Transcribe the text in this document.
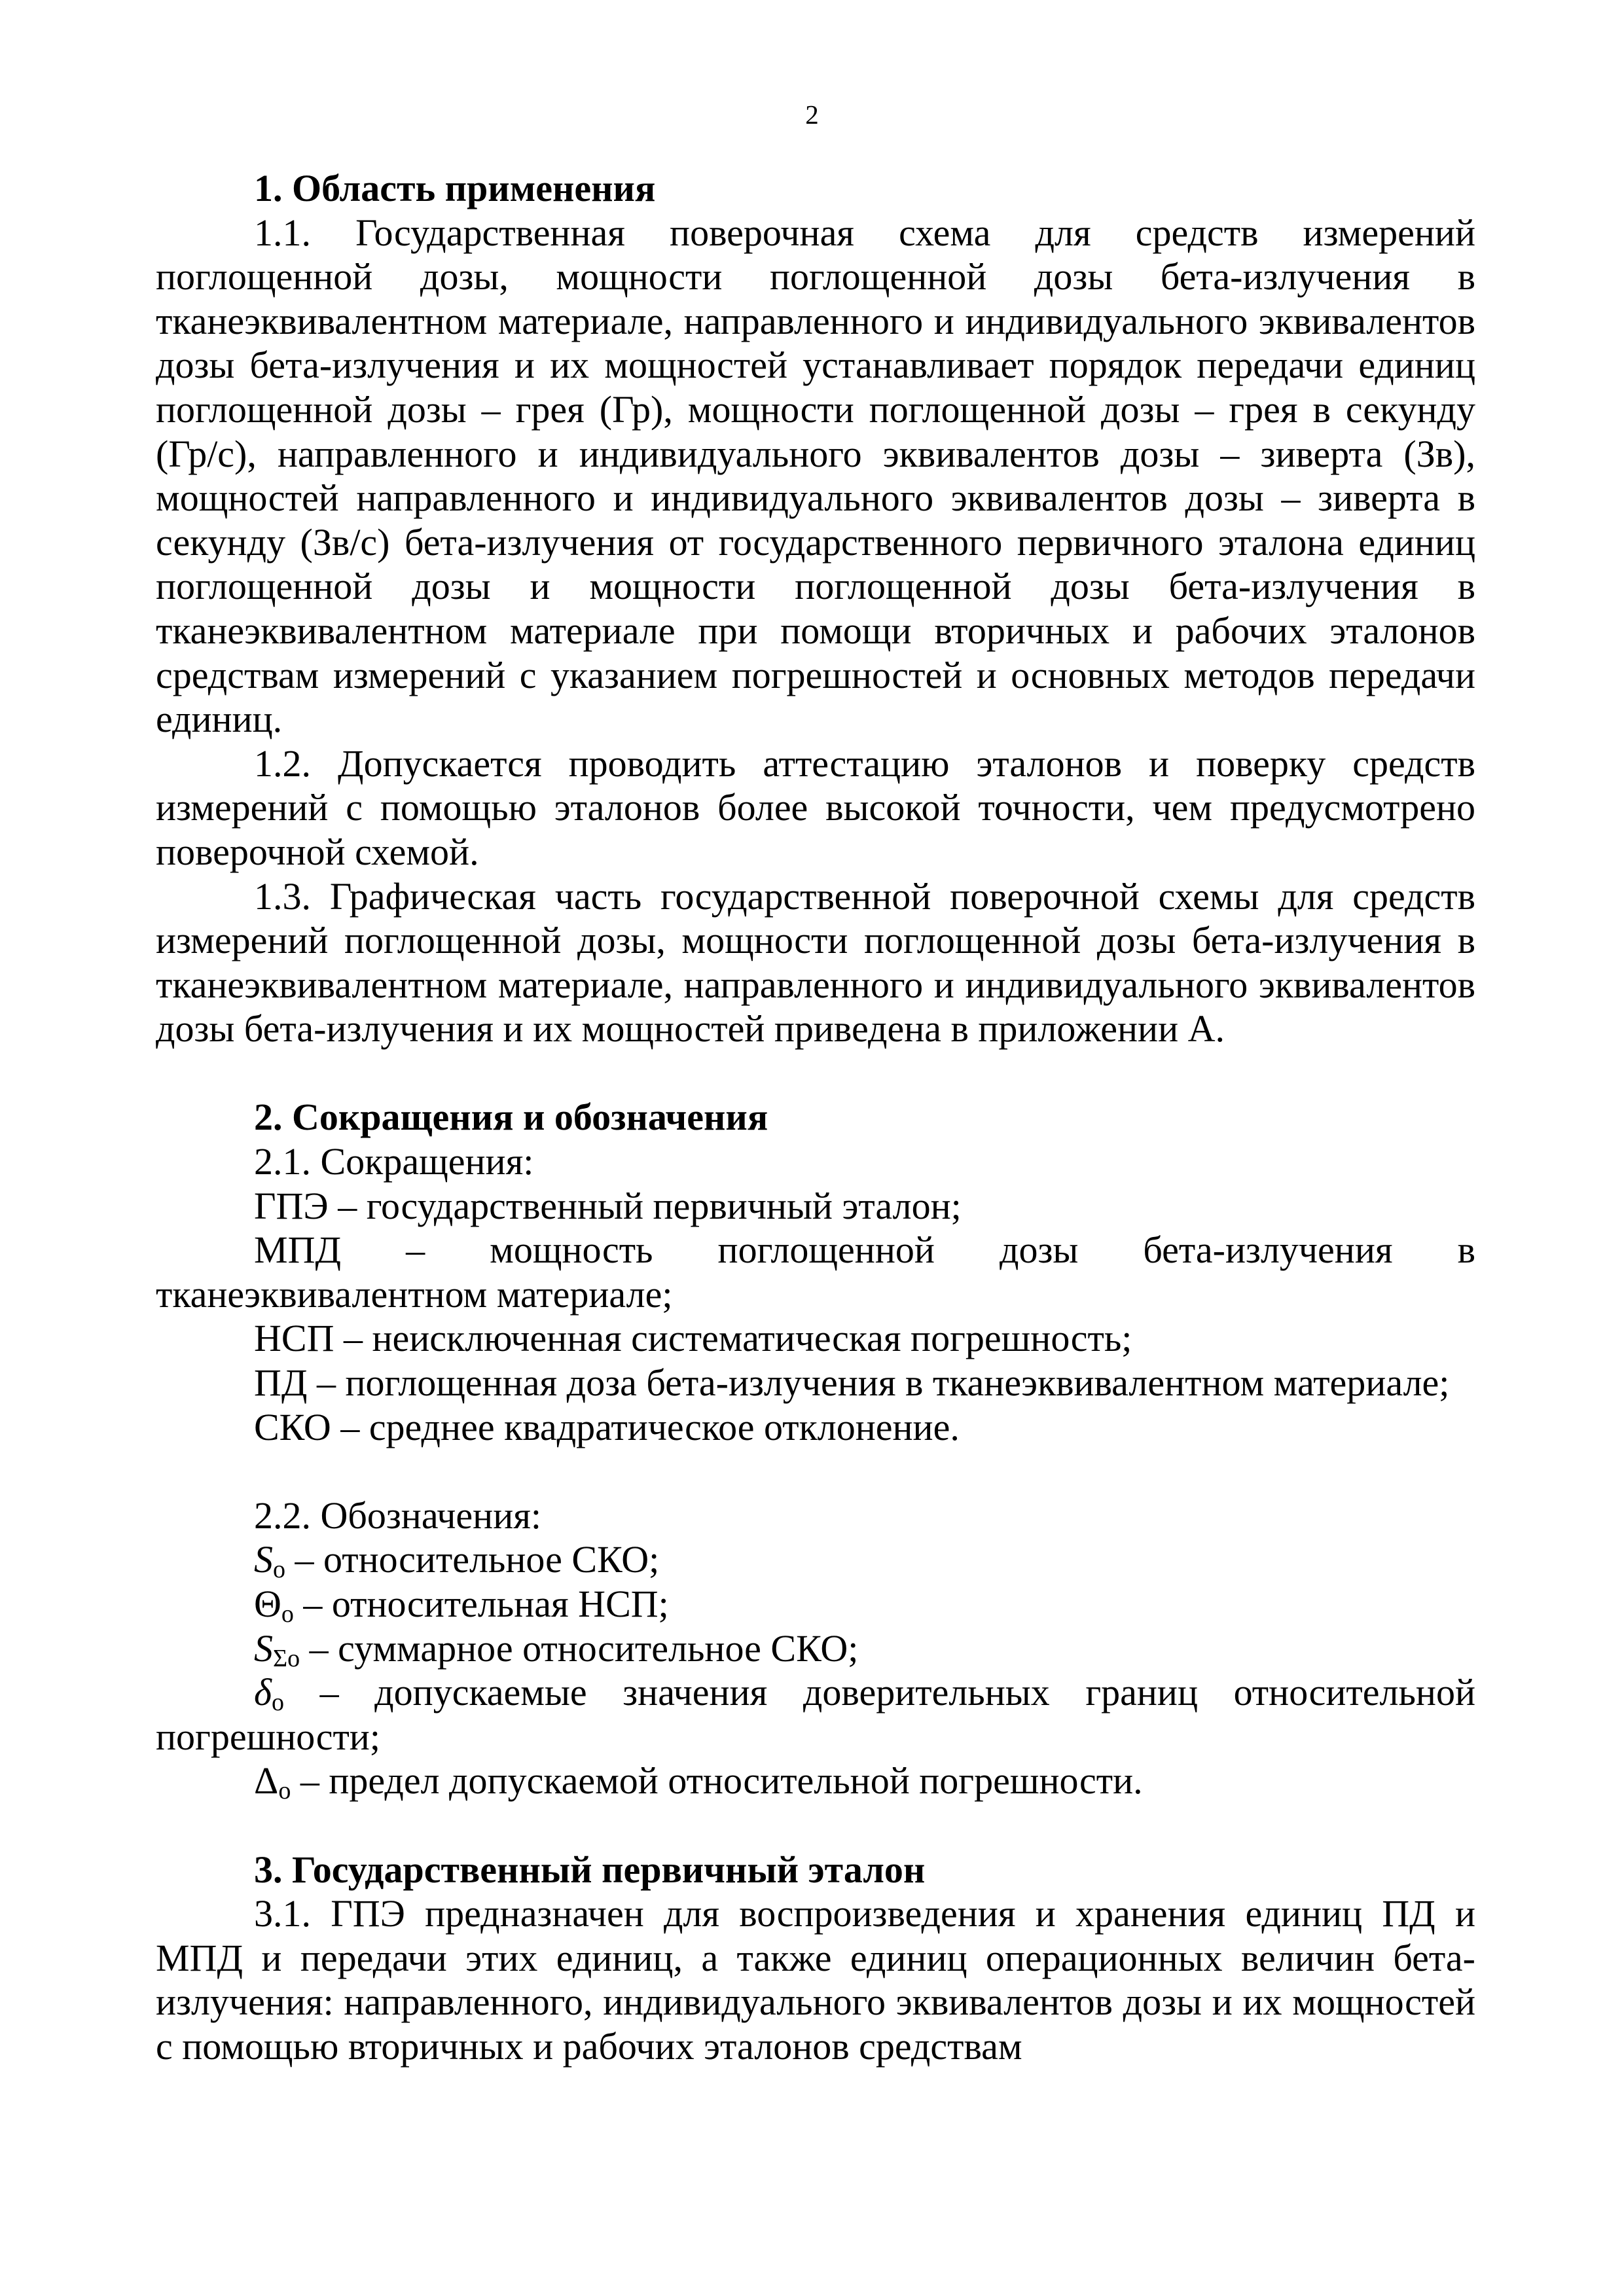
2

1. Область применения

1.1. Государственная поверочная схема для средств измерений поглощенной дозы, мощности поглощенной дозы бета-излучения в тканеэквивалентном материале, направленного и индивидуального эквивалентов дозы бета-излучения и их мощностей устанавливает порядок передачи единиц поглощенной дозы – грея (Гр), мощности поглощенной дозы – грея в секунду (Гр/с), направленного и индивидуального эквивалентов дозы – зиверта (Зв), мощностей направленного и индивидуального эквивалентов дозы – зиверта в секунду (Зв/с) бета-излучения от государственного первичного эталона единиц поглощенной дозы и мощности поглощенной дозы бета-излучения в тканеэквивалентном материале при помощи вторичных и рабочих эталонов средствам измерений с указанием погрешностей и основных методов передачи единиц.

1.2. Допускается проводить аттестацию эталонов и поверку средств измерений с помощью эталонов более высокой точности, чем предусмотрено поверочной схемой.

1.3. Графическая часть государственной поверочной схемы для средств измерений поглощенной дозы, мощности поглощенной дозы бета-излучения в тканеэквивалентном материале, направленного и индивидуального эквивалентов дозы бета-излучения и их мощностей приведена в приложении А.

2. Сокращения и обозначения

2.1. Сокращения:

ГПЭ – государственный первичный эталон;

МПД – мощность поглощенной дозы бета-излучения в тканеэквивалентном материале;

НСП – неисключенная систематическая погрешность;

ПД – поглощенная доза бета-излучения в тканеэквивалентном материале;

СКО – среднее квадратическое отклонение.

2.2. Обозначения:

$S_о$ – относительное СКО;

$\Theta_о$ – относительная НСП;

$S_{\Sigma о}$ – суммарное относительное СКО;

$\delta_о$ – допускаемые значения доверительных границ относительной погрешности;

$\Delta_о$ – предел допускаемой относительной погрешности.

3. Государственный первичный эталон

3.1. ГПЭ предназначен для воспроизведения и хранения единиц ПД и МПД и передачи этих единиц, а также единиц операционных величин бета-излучения: направленного, индивидуального эквивалентов дозы и их мощностей с помощью вторичных и рабочих эталонов средствам
